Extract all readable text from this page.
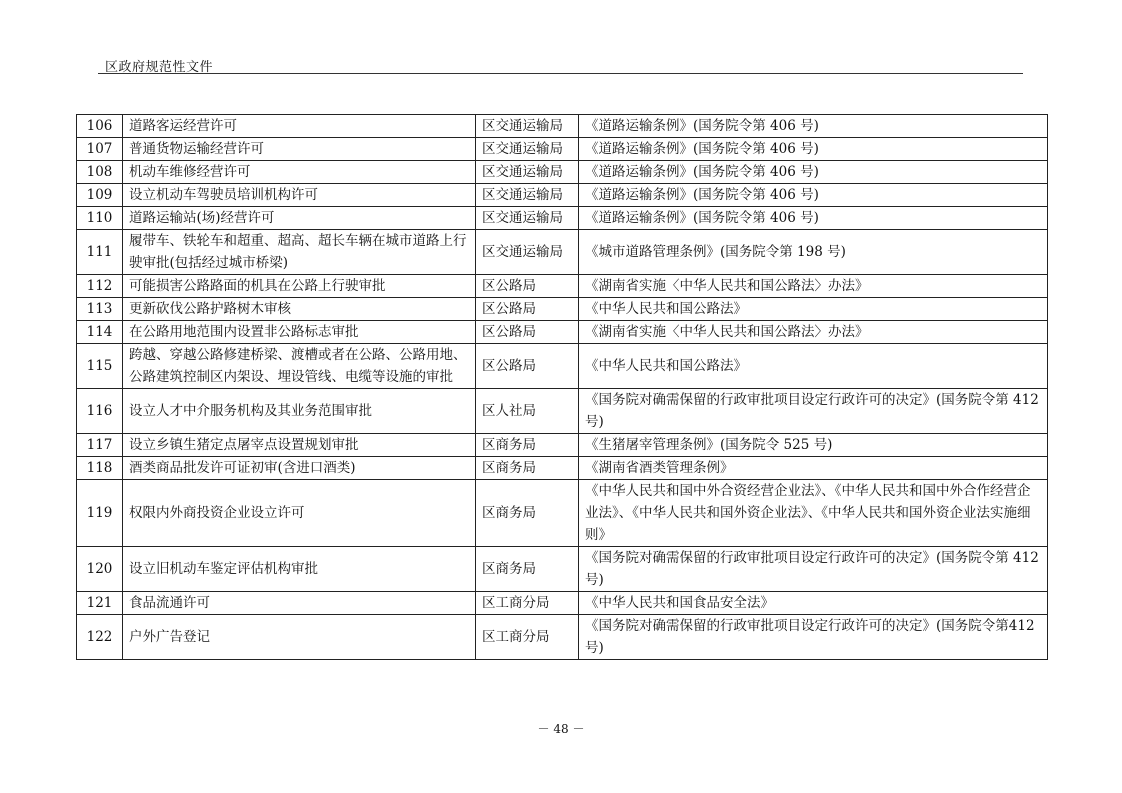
区政府规范性文件
106	道路客运经营许可	区交通运输局	《道路运输条例》(国务院令第 406 号)
107	普通货物运输经营许可	区交通运输局	《道路运输条例》(国务院令第 406 号)
108	机动车维修经营许可	区交通运输局	《道路运输条例》(国务院令第 406 号)
109	设立机动车驾驶员培训机构许可	区交通运输局	《道路运输条例》(国务院令第 406 号)
110	道路运输站(场)经营许可	区交通运输局	《道路运输条例》(国务院令第 406 号)
111	履带车、铁轮车和超重、超高、超长车辆在城市道路上行驶审批(包括经过城市桥梁)	区交通运输局	《城市道路管理条例》(国务院令第 198 号)
112	可能损害公路路面的机具在公路上行驶审批	区公路局	《湖南省实施〈中华人民共和国公路法〉办法》
113	更新砍伐公路护路树木审核	区公路局	《中华人民共和国公路法》
114	在公路用地范围内设置非公路标志审批	区公路局	《湖南省实施〈中华人民共和国公路法〉办法》
115	跨越、穿越公路修建桥梁、渡槽或者在公路、公路用地、公路建筑控制区内架设、埋设管线、电缆等设施的审批	区公路局	《中华人民共和国公路法》
116	设立人才中介服务机构及其业务范围审批	区人社局	《国务院对确需保留的行政审批项目设定行政许可的决定》(国务院令第 412 号)
117	设立乡镇生猪定点屠宰点设置规划审批	区商务局	《生猪屠宰管理条例》(国务院令 525 号)
118	酒类商品批发许可证初审(含进口酒类)	区商务局	《湖南省酒类管理条例》
119	权限内外商投资企业设立许可	区商务局	《中华人民共和国中外合资经营企业法》、《中华人民共和国中外合作经营企业法》、《中华人民共和国外资企业法》、《中华人民共和国外资企业法实施细则》
120	设立旧机动车鉴定评估机构审批	区商务局	《国务院对确需保留的行政审批项目设定行政许可的决定》(国务院令第 412 号)
121	食品流通许可	区工商分局	《中华人民共和国食品安全法》
122	户外广告登记	区工商分局	《国务院对确需保留的行政审批项目设定行政许可的决定》(国务院令第412号)
－ 48 －
